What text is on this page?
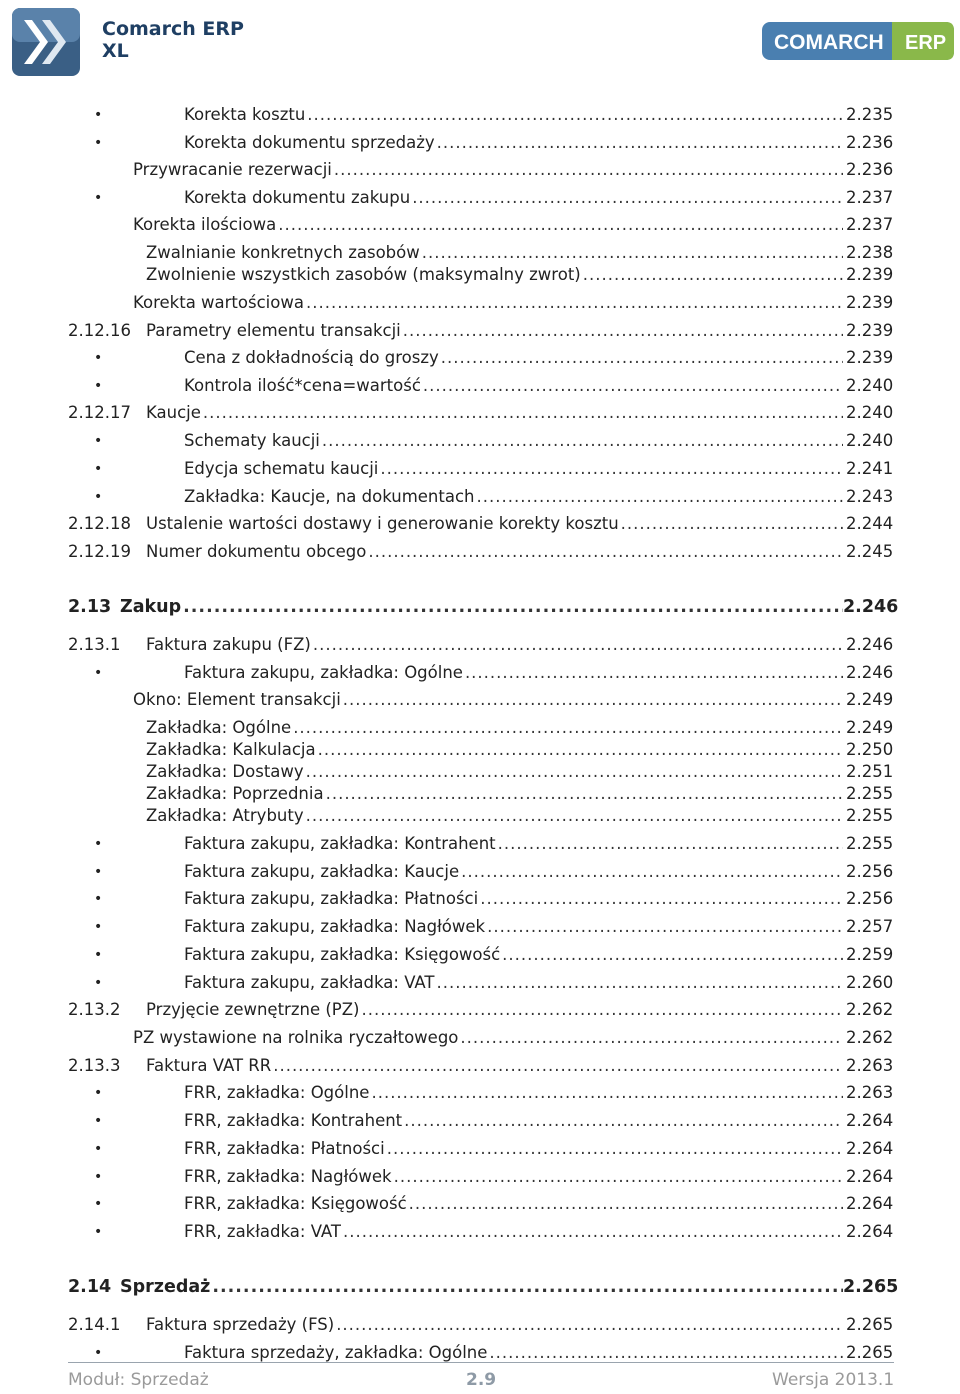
Comarch ERP
XL	COMARCH ERP
•	Korekta kosztu .....	2.235
•	Korekta dokumentu sprzedaży .....	2.236
Przywracanie rezerwacji .....	2.236
•	Korekta dokumentu zakupu .....	2.237
Korekta ilościowa .....	2.237
Zwalnianie konkretnych zasobów .....	2.238
Zwolnienie wszystkich zasobów (maksymalny zwrot) .....	2.239
Korekta wartościowa .....	2.239
2.12.16 Parametry elementu transakcji .....	2.239
•	Cena z dokładnością do groszy .....	2.239
•	Kontrola ilość*cena=wartość .....	2.240
2.12.17 Kaucje .....	2.240
•	Schematy kaucji .....	2.240
•	Edycja schematu kaucji .....	2.241
•	Zakładka: Kaucje, na dokumentach .....	2.243
2.12.18 Ustalenie wartości dostawy i generowanie korekty kosztu .....	2.244
2.12.19 Numer dokumentu obcego .....	2.245
2.13 Zakup .....	2.246
2.13.1 Faktura zakupu (FZ) .....	2.246
•	Faktura zakupu, zakładka: Ogólne .....	2.246
Okno: Element transakcji .....	2.249
Zakładka: Ogólne .....	2.249
Zakładka: Kalkulacja .....	2.250
Zakładka: Dostawy .....	2.251
Zakładka: Poprzednia .....	2.255
Zakładka: Atrybuty .....	2.255
•	Faktura zakupu, zakładka: Kontrahent .....	2.255
•	Faktura zakupu, zakładka: Kaucje .....	2.256
•	Faktura zakupu, zakładka: Płatności .....	2.256
•	Faktura zakupu, zakładka: Nagłówek .....	2.257
•	Faktura zakupu, zakładka: Księgowość .....	2.259
•	Faktura zakupu, zakładka: VAT .....	2.260
2.13.2 Przyjęcie zewnętrzne (PZ) .....	2.262
PZ wystawione na rolnika ryczałtowego .....	2.262
2.13.3 Faktura VAT RR .....	2.263
•	FRR, zakładka: Ogólne .....	2.263
•	FRR, zakładka: Kontrahent .....	2.264
•	FRR, zakładka: Płatności .....	2.264
•	FRR, zakładka: Nagłówek .....	2.264
•	FRR, zakładka: Księgowość .....	2.264
•	FRR, zakładka: VAT .....	2.264
2.14 Sprzedaż .....	2.265
2.14.1 Faktura sprzedaży (FS) .....	2.265
•	Faktura sprzedaży, zakładka: Ogólne .....	2.265
Moduł: Sprzedaż	2.9	Wersja 2013.1
